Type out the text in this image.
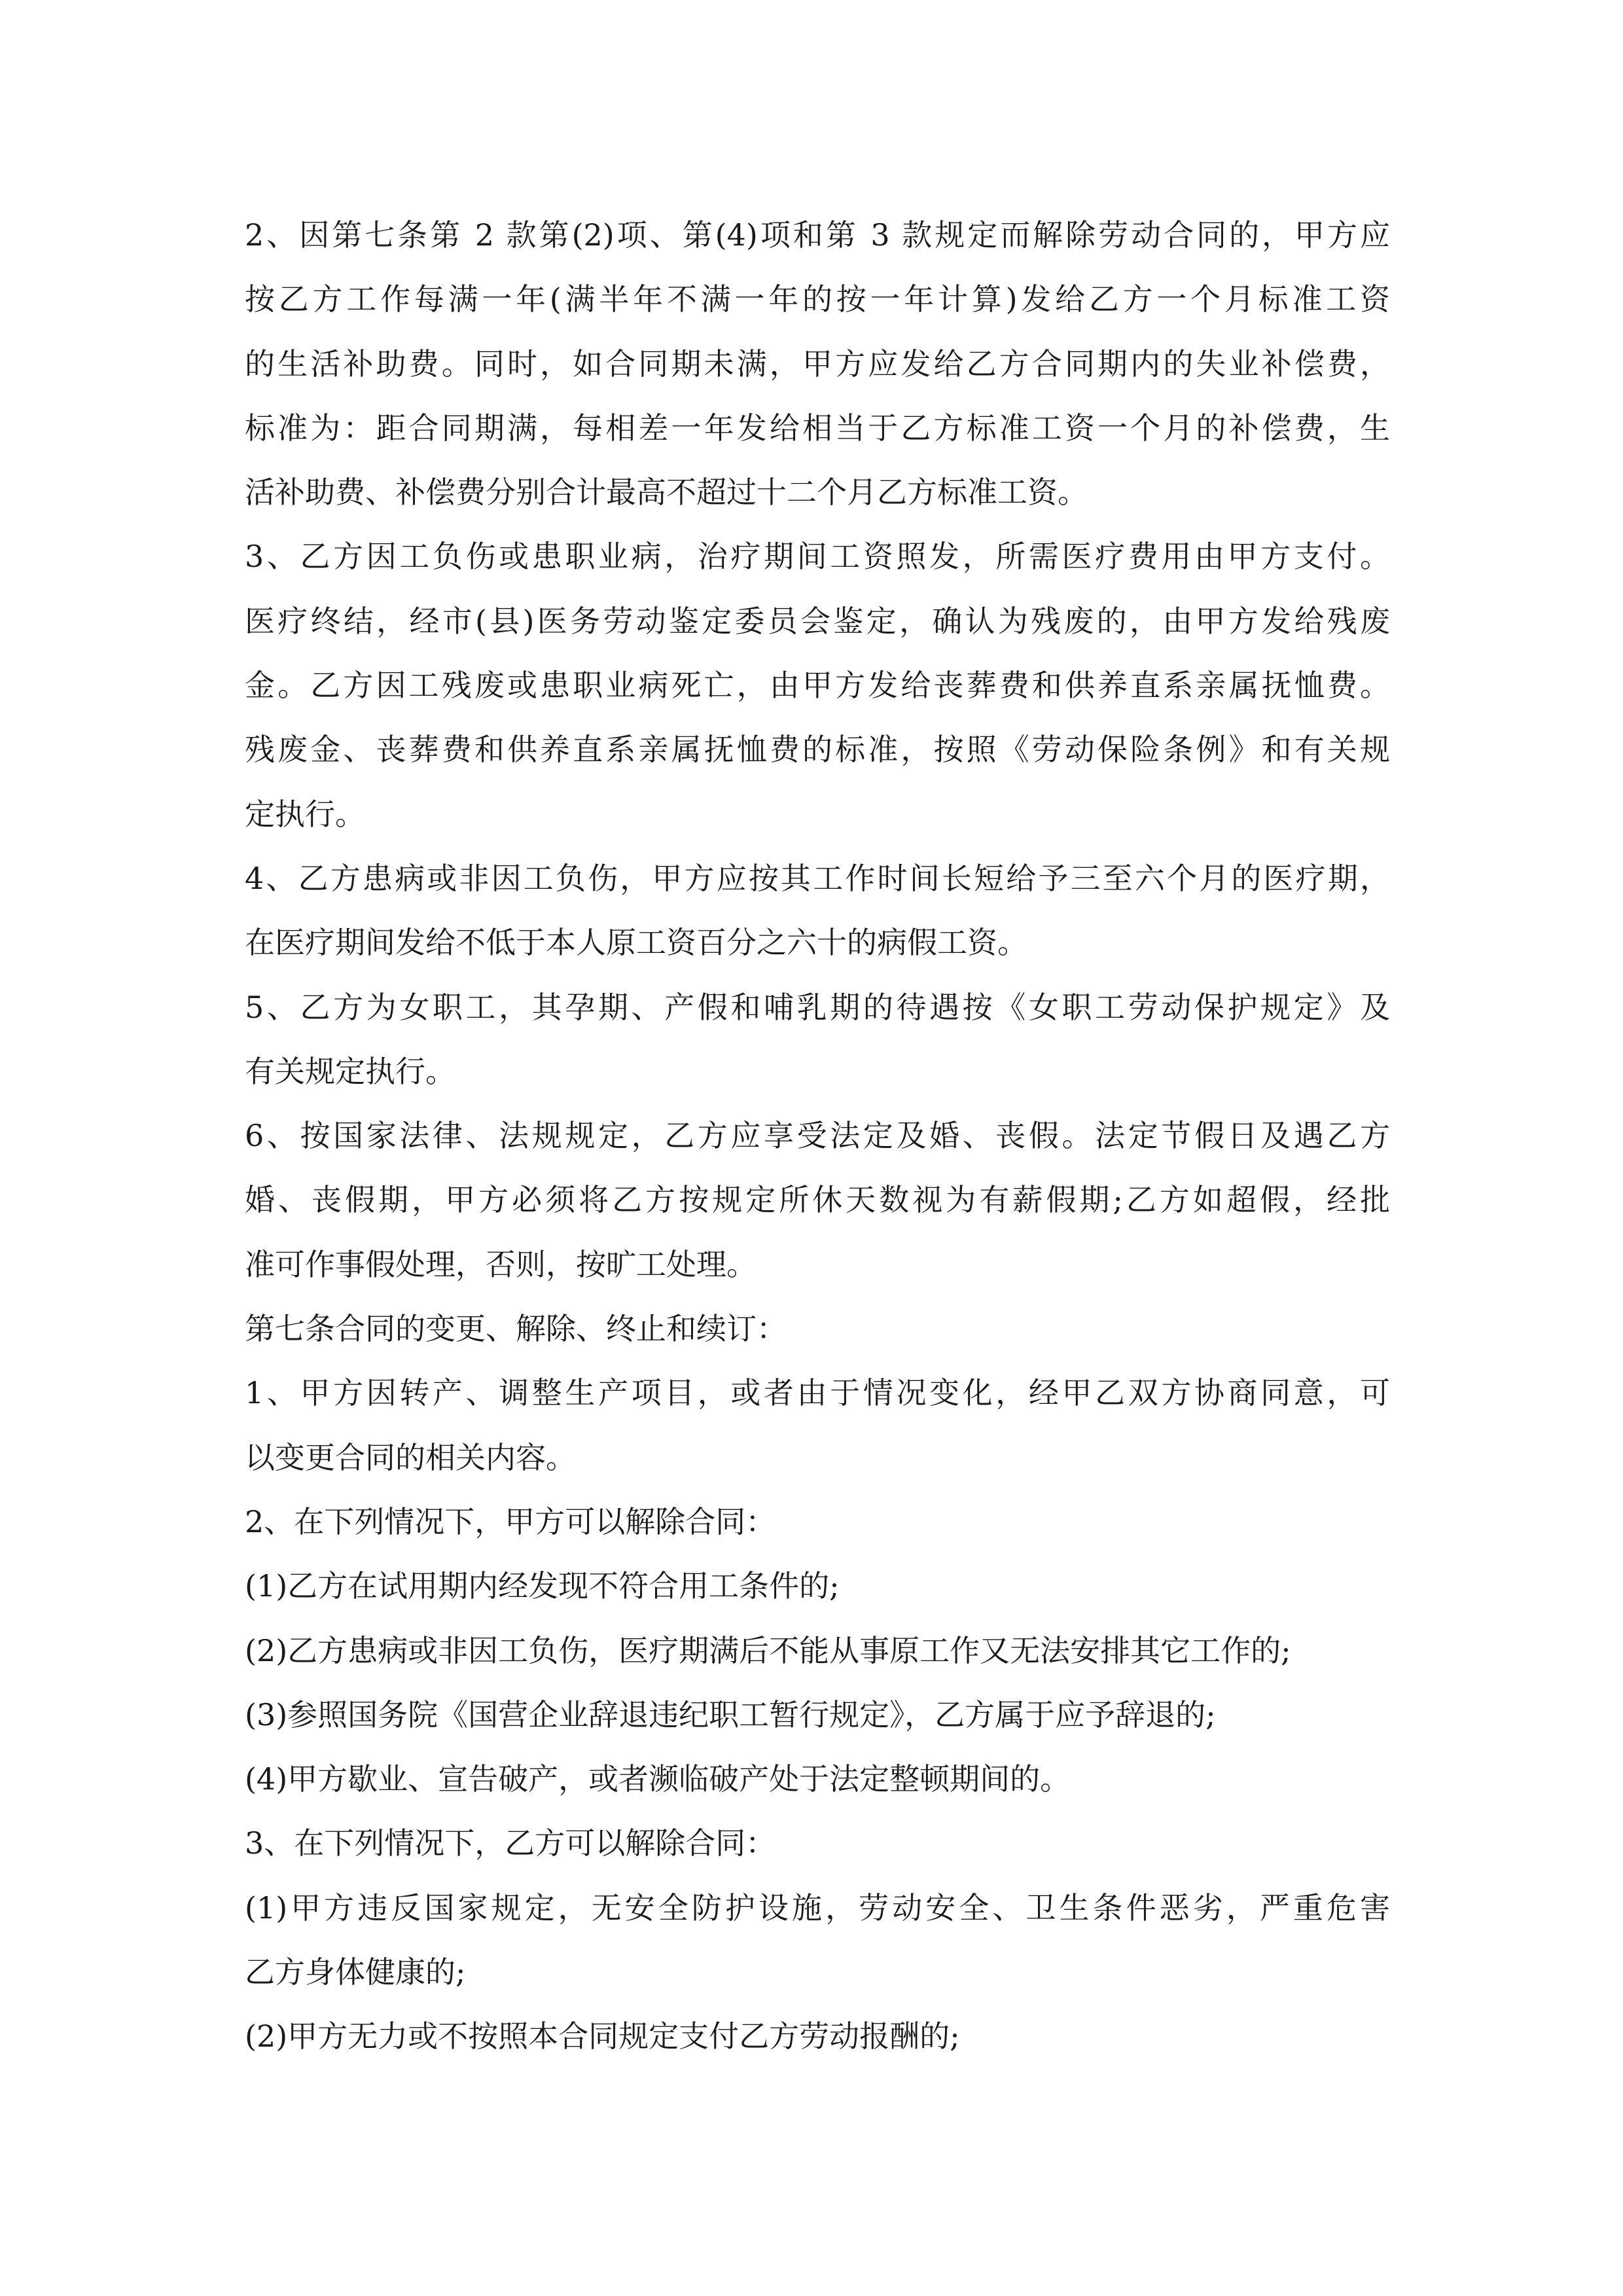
2、因第七条第 2 款第(2)项、第(4)项和第 3 款规定而解除劳动合同的，甲方应
按乙方工作每满一年(满半年不满一年的按一年计算)发给乙方一个月标准工资
的生活补助费。同时，如合同期未满，甲方应发给乙方合同期内的失业补偿费，
标准为：距合同期满，每相差一年发给相当于乙方标准工资一个月的补偿费，生
活补助费、补偿费分别合计最高不超过十二个月乙方标准工资。

3、乙方因工负伤或患职业病，治疗期间工资照发，所需医疗费用由甲方支付。
医疗终结，经市(县)医务劳动鉴定委员会鉴定，确认为残废的，由甲方发给残废
金。乙方因工残废或患职业病死亡，由甲方发给丧葬费和供养直系亲属抚恤费。
残废金、丧葬费和供养直系亲属抚恤费的标准，按照《劳动保险条例》和有关规
定执行。

4、乙方患病或非因工负伤，甲方应按其工作时间长短给予三至六个月的医疗期，
在医疗期间发给不低于本人原工资百分之六十的病假工资。

5、乙方为女职工，其孕期、产假和哺乳期的待遇按《女职工劳动保护规定》及
有关规定执行。

6、按国家法律、法规规定，乙方应享受法定及婚、丧假。法定节假日及遇乙方
婚、丧假期，甲方必须将乙方按规定所休天数视为有薪假期;乙方如超假，经批
准可作事假处理，否则，按旷工处理。

第七条合同的变更、解除、终止和续订：

1、甲方因转产、调整生产项目，或者由于情况变化，经甲乙双方协商同意，可
以变更合同的相关内容。

2、在下列情况下，甲方可以解除合同：

(1)乙方在试用期内经发现不符合用工条件的;

(2)乙方患病或非因工负伤，医疗期满后不能从事原工作又无法安排其它工作的;

(3)参照国务院《国营企业辞退违纪职工暂行规定》，乙方属于应予辞退的;

(4)甲方歇业、宣告破产，或者濒临破产处于法定整顿期间的。

3、在下列情况下，乙方可以解除合同：

(1)甲方违反国家规定，无安全防护设施，劳动安全、卫生条件恶劣，严重危害
乙方身体健康的;

(2)甲方无力或不按照本合同规定支付乙方劳动报酬的;
